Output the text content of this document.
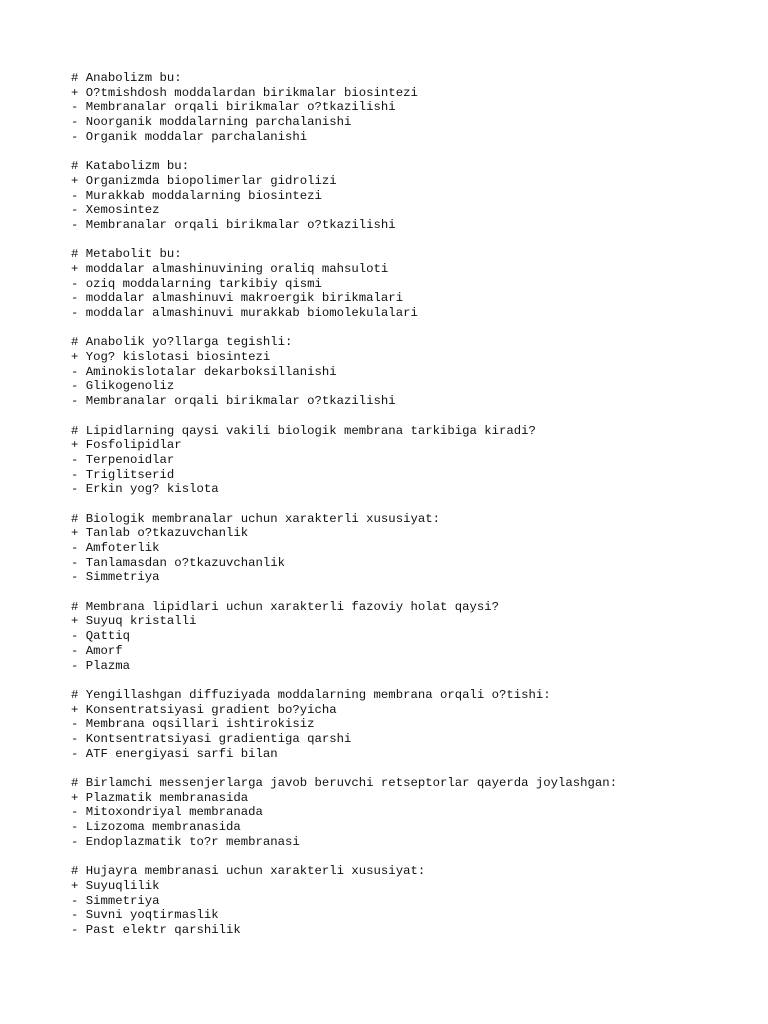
# Anabolizm bu:
+ O?tmishdosh moddalardan birikmalar biosintezi
- Membranalar orqali birikmalar o?tkazilishi
- Noorganik moddalarning parchalanishi
- Organik moddalar parchalanishi
# Katabolizm bu:
+ Organizmda biopolimerlar gidrolizi
- Murakkab moddalarning biosintezi
- Xemosintez
- Membranalar orqali birikmalar o?tkazilishi
# Metabolit bu:
+ moddalar almashinuvining oraliq mahsuloti
- oziq moddalarning tarkibiy qismi
- moddalar almashinuvi makroergik birikmalari
- moddalar almashinuvi murakkab biomolekulalari
# Anabolik yo?llarga tegishli:
+ Yog? kislotasi biosintezi
- Aminokislotalar dekarboksillanishi
- Glikogenoliz
- Membranalar orqali birikmalar o?tkazilishi
# Lipidlarning qaysi vakili biologik membrana tarkibiga kiradi?
+ Fosfolipidlar
- Terpenoidlar
- Triglitserid
- Erkin yog? kislota
# Biologik membranalar uchun xarakterli xususiyat:
+ Tanlab o?tkazuvchanlik
- Amfoterlik
- Tanlamasdan o?tkazuvchanlik
- Simmetriya
# Membrana lipidlari uchun xarakterli fazoviy holat qaysi?
+ Suyuq kristalli
- Qattiq
- Amorf
- Plazma
# Yengillashgan diffuziyada moddalarning membrana orqali o?tishi:
+ Konsentratsiyasi gradient bo?yicha
- Membrana oqsillari ishtirokisiz
- Kontsentratsiyasi gradientiga qarshi
- ATF energiyasi sarfi bilan
# Birlamchi messenjerlarga javob beruvchi retseptorlar qayerda joylashgan:
+ Plazmatik membranasida
- Mitoxondriyal membranada
- Lizozoma membranasida
- Endoplazmatik to?r membranasi
# Hujayra membranasi uchun xarakterli xususiyat:
+ Suyuqlilik
- Simmetriya
- Suvni yoqtirmaslik
- Past elektr qarshilik
